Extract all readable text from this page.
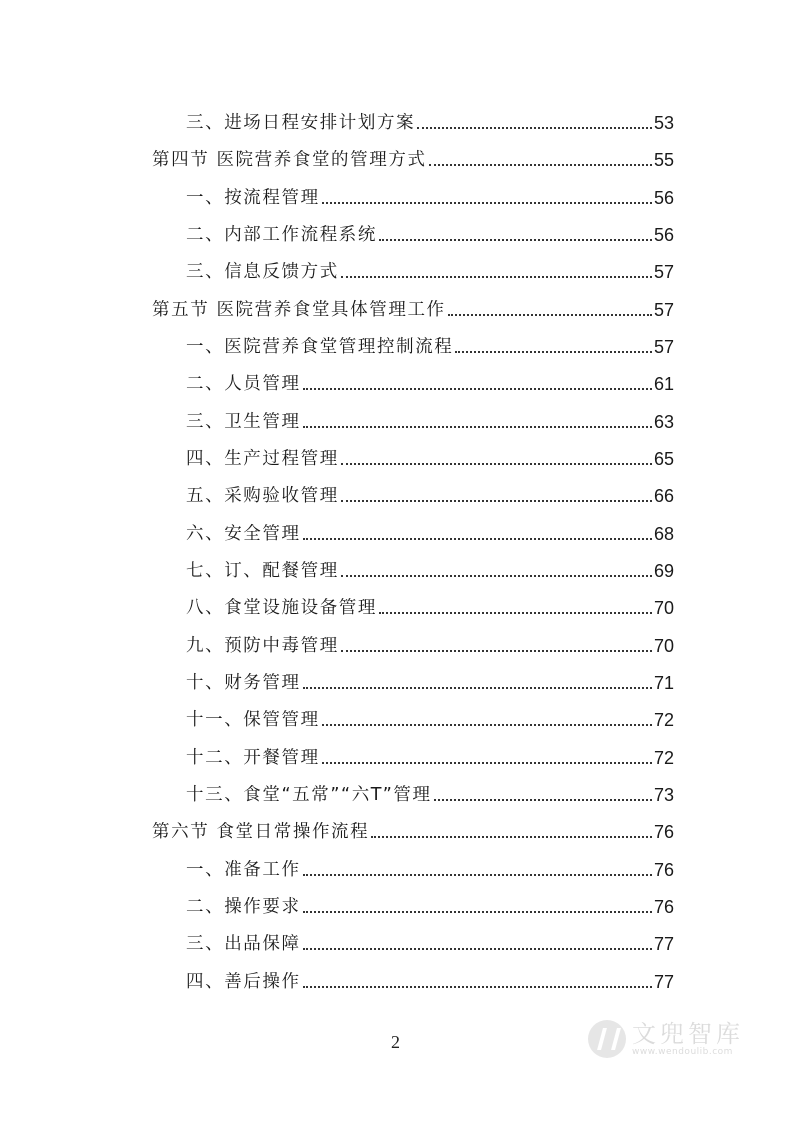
三、进场日程安排计划方案	53
第四节 医院营养食堂的管理方式	55
一、按流程管理	56
二、内部工作流程系统	56
三、信息反馈方式	57
第五节 医院营养食堂具体管理工作	57
一、医院营养食堂管理控制流程	57
二、人员管理	61
三、卫生管理	63
四、生产过程管理	65
五、采购验收管理	66
六、安全管理	68
七、订、配餐管理	69
八、食堂设施设备管理	70
九、预防中毒管理	70
十、财务管理	71
十一、保管管理	72
十二、开餐管理	72
十三、食堂“五常”“六T”管理	73
第六节 食堂日常操作流程	76
一、准备工作	76
二、操作要求	76
三、出品保障	77
四、善后操作	77
2	文兜智库
www.wendoulib.com
